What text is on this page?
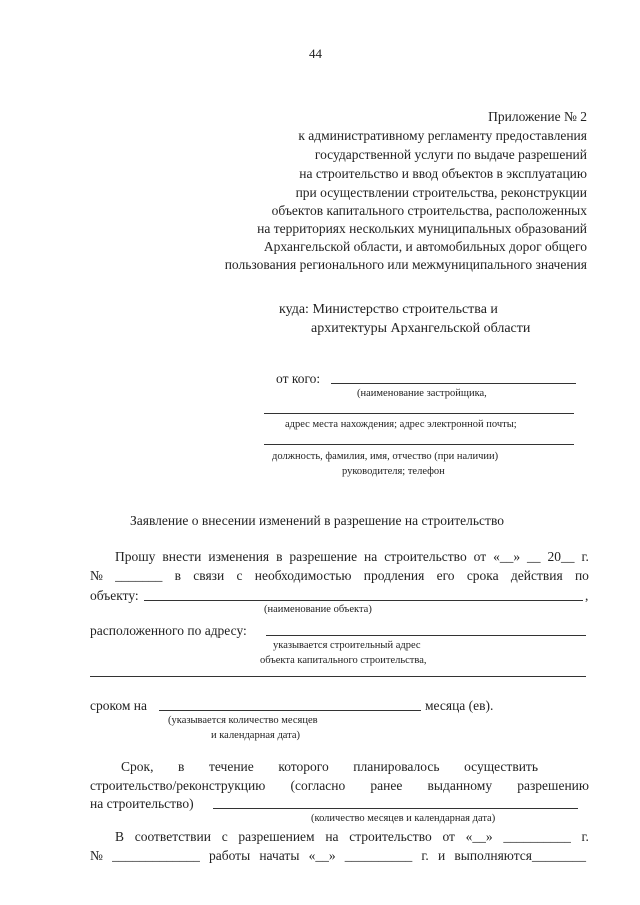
44
Приложение № 2
к административному регламенту предоставления
государственной услуги по выдаче разрешений
на строительство и ввод объектов в эксплуатацию
при осуществлении строительства, реконструкции
объектов капитального строительства, расположенных
на территориях нескольких муниципальных образований
Архангельской области, и автомобильных дорог общего
пользования регионального или межмуниципального значения
куда: Министерство строительства и
архитектуры Архангельской области
от кого:
(наименование застройщика,
адрес места нахождения; адрес электронной почты;
должность, фамилия, имя, отчество (при наличии)
руководителя; телефон
Заявление о внесении изменений в разрешение на строительство
Прошу внести изменения в разрешение на строительство от «__» __ 20__ г.
№ _______ в связи с необходимостью продления его срока действия по
объекту:	,
(наименование объекта)
расположенного по адресу:
указывается строительный адрес
объекта капитального строительства,
сроком на	месяца (ев).
(указывается количество месяцев
и календарная дата)
Срок, в течение которого планировалось осуществить
строительство/реконструкцию (согласно ранее выданному разрешению
на строительство)
(количество месяцев и календарная дата)
В соответствии с разрешением на строительство от «__» __________ г.
№ _____________ работы начаты «__» __________ г. и выполняются________
